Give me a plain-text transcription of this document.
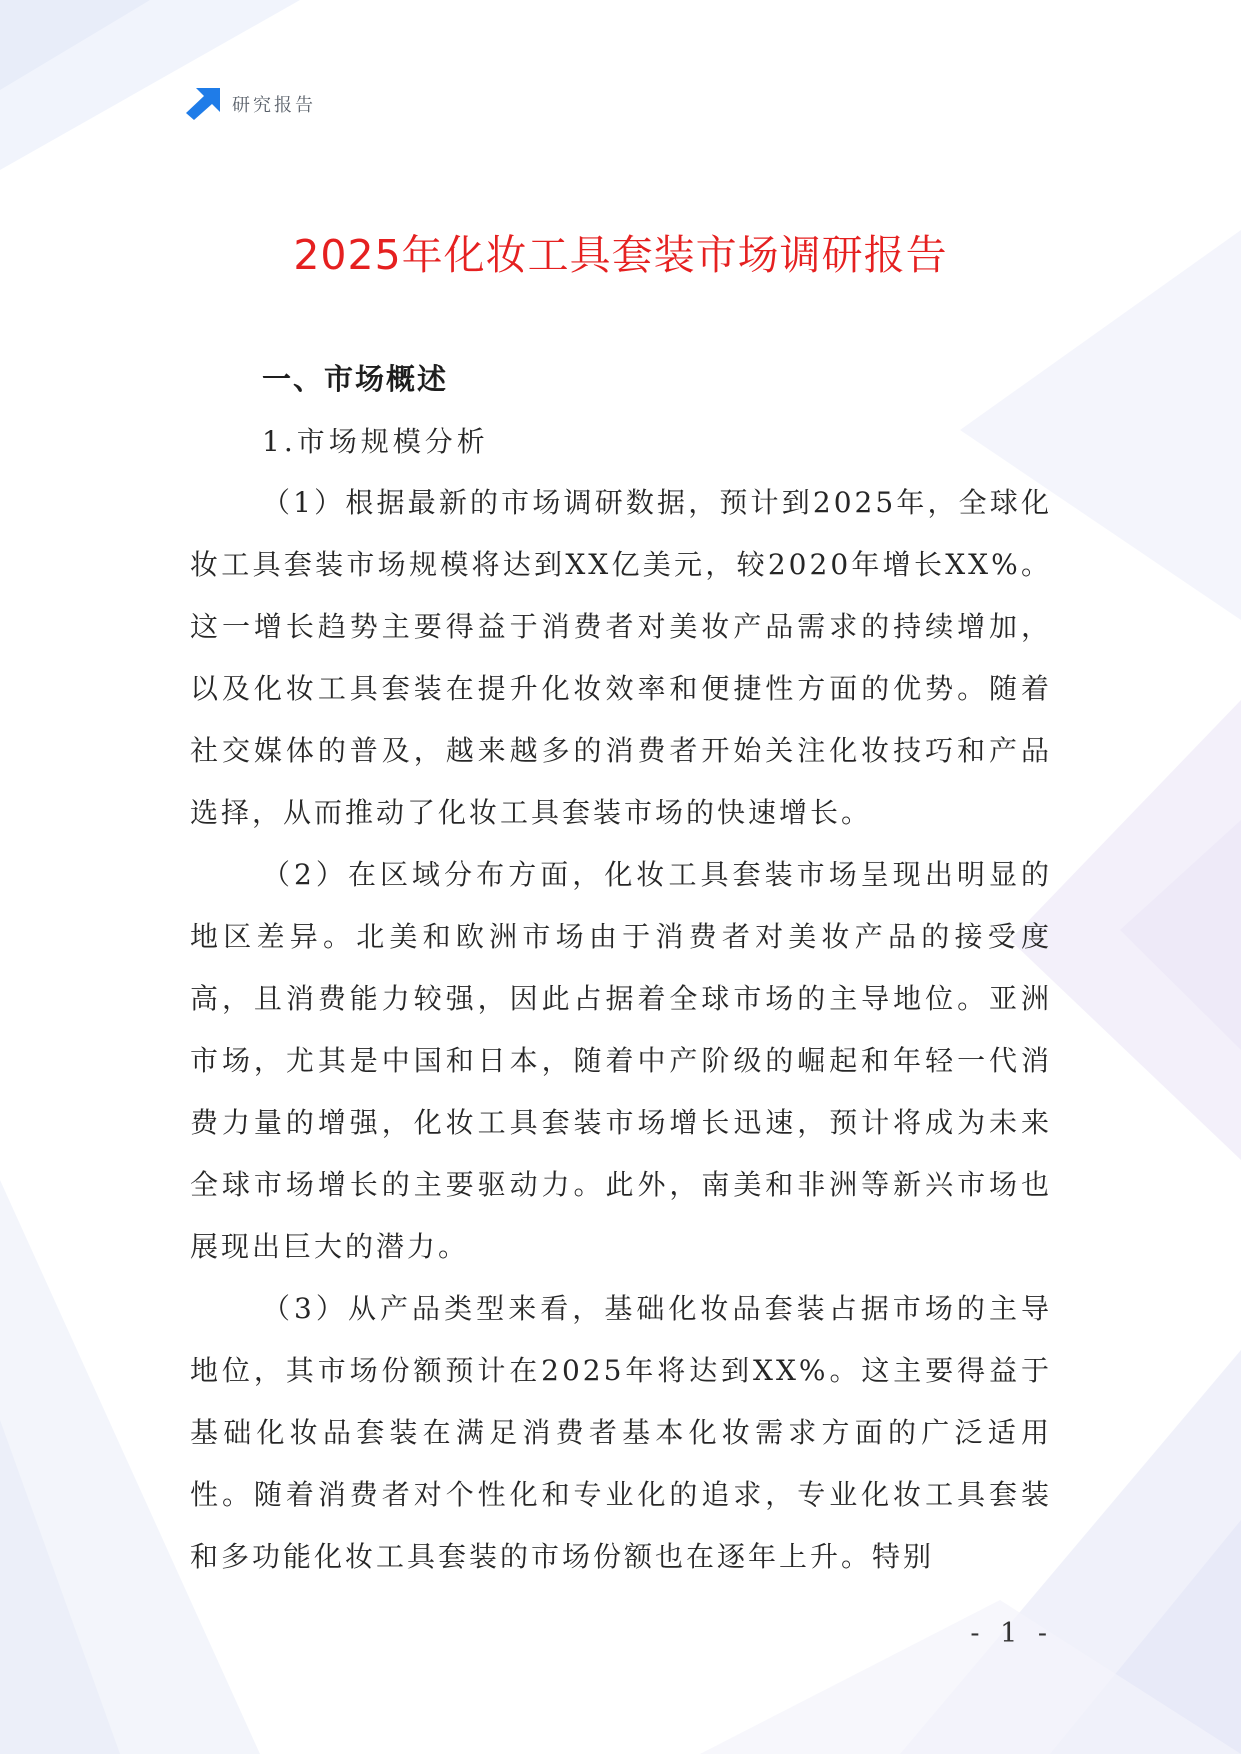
研究报告
2025年化妆工具套装市场调研报告
一、市场概述
1.市场规模分析

（1）根据最新的市场调研数据，预计到2025年，全球化妆工具套装市场规模将达到XX亿美元，较2020年增长XX%。这一增长趋势主要得益于消费者对美妆产品需求的持续增加，以及化妆工具套装在提升化妆效率和便捷性方面的优势。随着社交媒体的普及，越来越多的消费者开始关注化妆技巧和产品选择，从而推动了化妆工具套装市场的快速增长。

（2）在区域分布方面，化妆工具套装市场呈现出明显的地区差异。北美和欧洲市场由于消费者对美妆产品的接受度高，且消费能力较强，因此占据着全球市场的主导地位。亚洲市场，尤其是中国和日本，随着中产阶级的崛起和年轻一代消费力量的增强，化妆工具套装市场增长迅速，预计将成为未来全球市场增长的主要驱动力。此外，南美和非洲等新兴市场也展现出巨大的潜力。

（3）从产品类型来看，基础化妆品套装占据市场的主导地位，其市场份额预计在2025年将达到XX%。这主要得益于基础化妆品套装在满足消费者基本化妆需求方面的广泛适用性。随着消费者对个性化和专业化的追求，专业化妆工具套装和多功能化妆工具套装的市场份额也在逐年上升。特别

- 1 -
